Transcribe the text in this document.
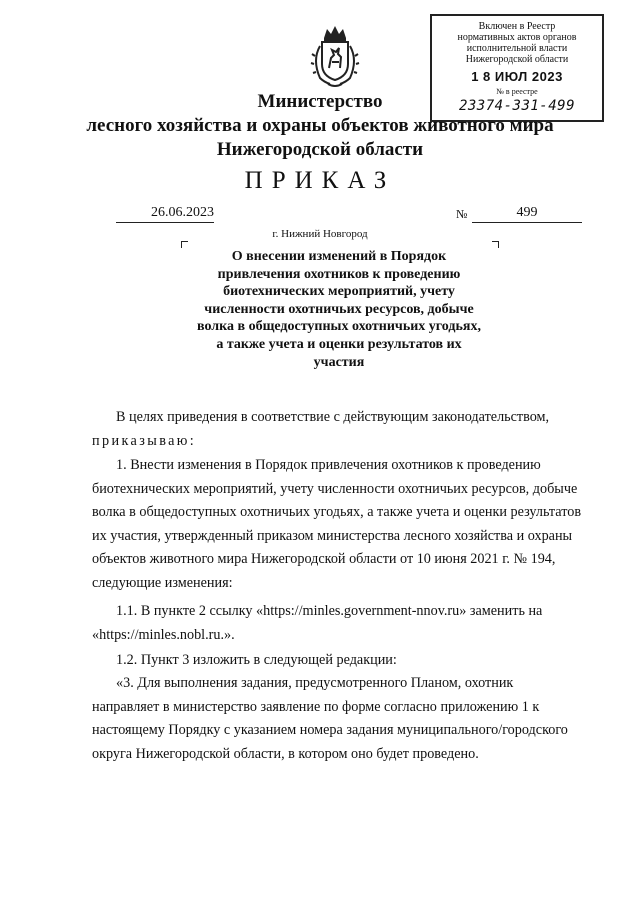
Включен в Реестр
нормативных актов органов
исполнительной власти
Нижегородской области
1 8 ИЮЛ 2023
№ в реестре
23374-331-499
Министерство
лесного хозяйства и охраны объектов животного мира
Нижегородской области
ПРИКАЗ
26.06.2023	№	499
г. Нижний Новгород
О внесении изменений в Порядок
привлечения охотников к проведению
биотехнических мероприятий, учету
численности охотничьих ресурсов, добыче
волка в общедоступных охотничьих угодьях,
а также учета и оценки результатов их
участия
В целях приведения в соответствие с действующим законодательством,
приказываю:
1. Внести изменения в Порядок привлечения охотников к проведению
биотехнических мероприятий, учету численности охотничьих ресурсов, добыче
волка в общедоступных охотничьих угодьях, а также учета и оценки результатов
их участия, утвержденный приказом министерства лесного хозяйства и охраны
объектов животного мира Нижегородской области от 10 июня 2021 г. № 194,
следующие изменения:
1.1. В пункте 2 ссылку «https://minles.government-nnov.ru» заменить на
«https://minles.nobl.ru.».
1.2. Пункт 3 изложить в следующей редакции:
«3. Для выполнения задания, предусмотренного Планом, охотник
направляет в министерство заявление по форме согласно приложению 1 к
настоящему Порядку с указанием номера задания муниципального/городского
округа Нижегородской области, в котором оно будет проведено.
